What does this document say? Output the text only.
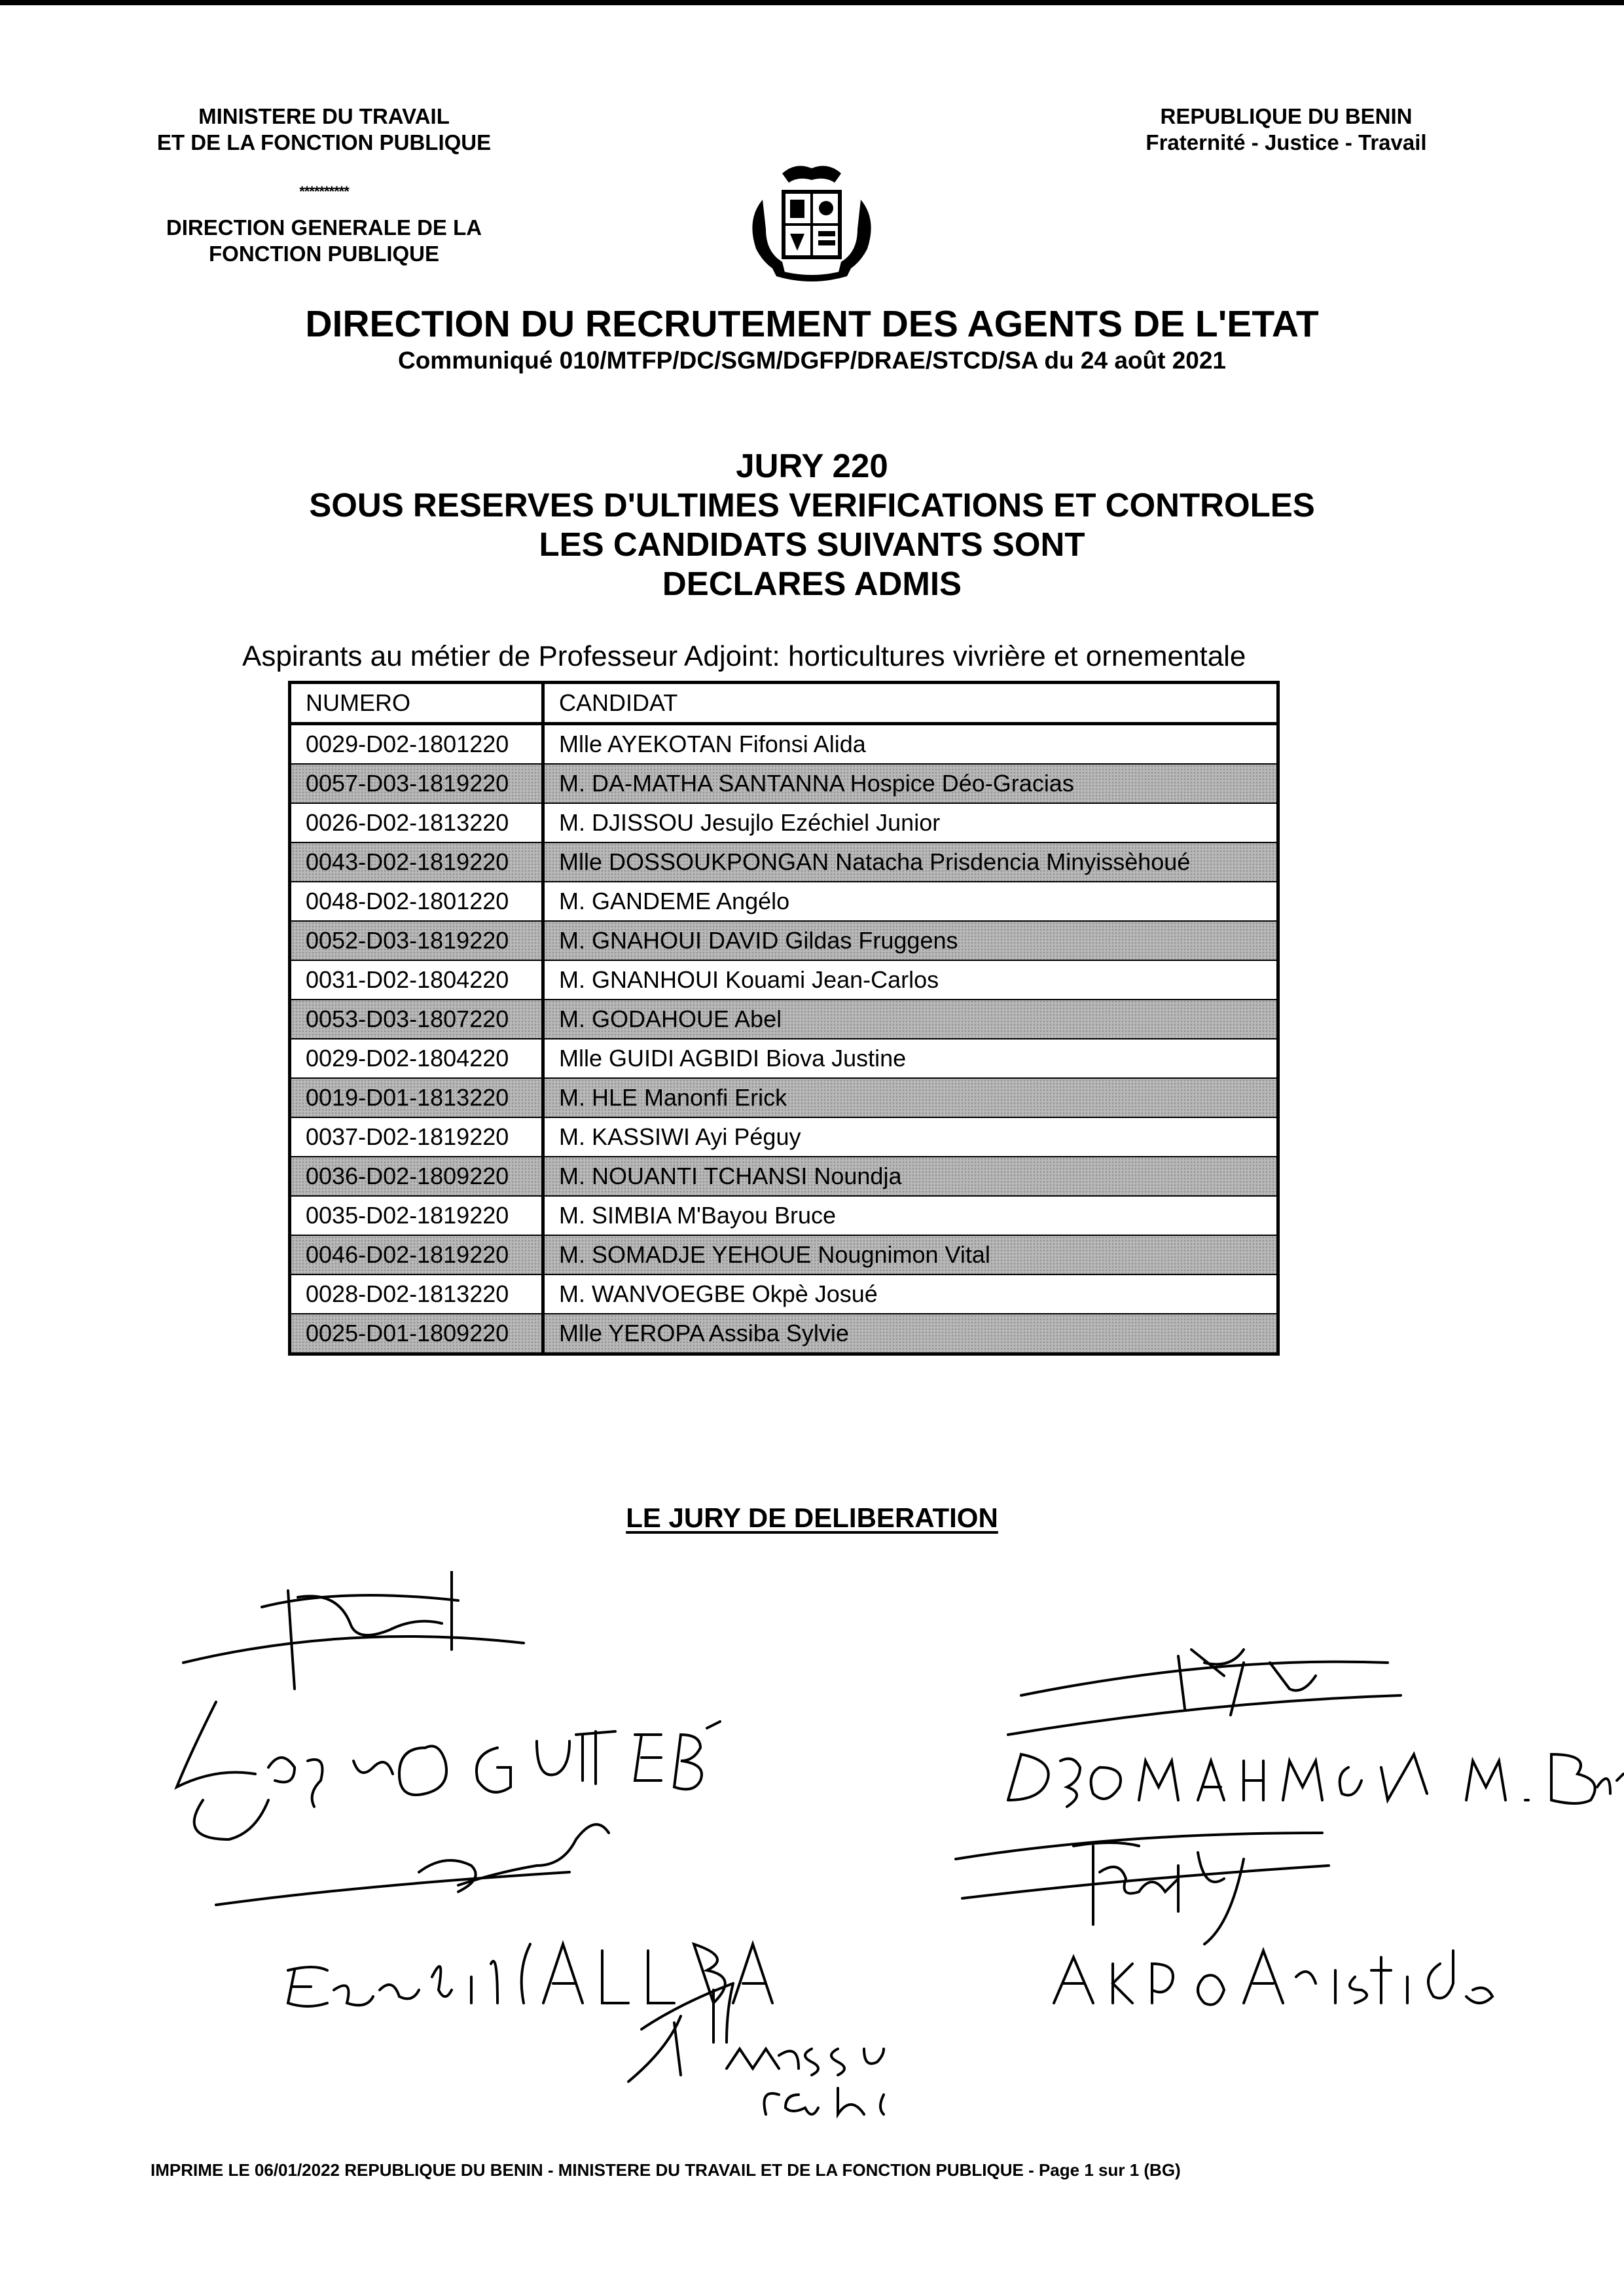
MINISTERE DU TRAVAIL
ET DE LA FONCTION PUBLIQUE
**********
DIRECTION GENERALE DE LA
FONCTION PUBLIQUE
REPUBLIQUE DU BENIN
Fraternité - Justice - Travail
DIRECTION DU RECRUTEMENT DES AGENTS DE L'ETAT
Communiqué 010/MTFP/DC/SGM/DGFP/DRAE/STCD/SA du 24 août 2021
JURY 220
SOUS RESERVES D'ULTIMES VERIFICATIONS ET CONTROLES
LES CANDIDATS SUIVANTS SONT
DECLARES ADMIS
Aspirants au métier de Professeur Adjoint: horticultures vivrière et ornementale
NUMERO	CANDIDAT
0029-D02-1801220	Mlle AYEKOTAN Fifonsi Alida
0057-D03-1819220	M. DA-MATHA SANTANNA Hospice Déo-Gracias
0026-D02-1813220	M. DJISSOU Jesujlo Ezéchiel Junior
0043-D02-1819220	Mlle DOSSOUKPONGAN Natacha Prisdencia Minyissèhoué
0048-D02-1801220	M. GANDEME Angélo
0052-D03-1819220	M. GNAHOUI DAVID Gildas Fruggens
0031-D02-1804220	M. GNANHOUI Kouami Jean-Carlos
0053-D03-1807220	M. GODAHOUE Abel
0029-D02-1804220	Mlle GUIDI AGBIDI Biova Justine
0019-D01-1813220	M. HLE Manonfi Erick
0037-D02-1819220	M. KASSIWI Ayi Péguy
0036-D02-1809220	M. NOUANTI TCHANSI Noundja
0035-D02-1819220	M. SIMBIA M'Bayou Bruce
0046-D02-1819220	M. SOMADJE YEHOUE Nougnimon Vital
0028-D02-1813220	M. WANVOEGBE Okpè Josué
0025-D01-1809220	Mlle YEROPA Assiba Sylvie
LE JURY DE DELIBERATION
IMPRIME LE 06/01/2022 REPUBLIQUE DU BENIN - MINISTERE DU TRAVAIL ET DE LA FONCTION PUBLIQUE - Page 1 sur 1 (BG)
